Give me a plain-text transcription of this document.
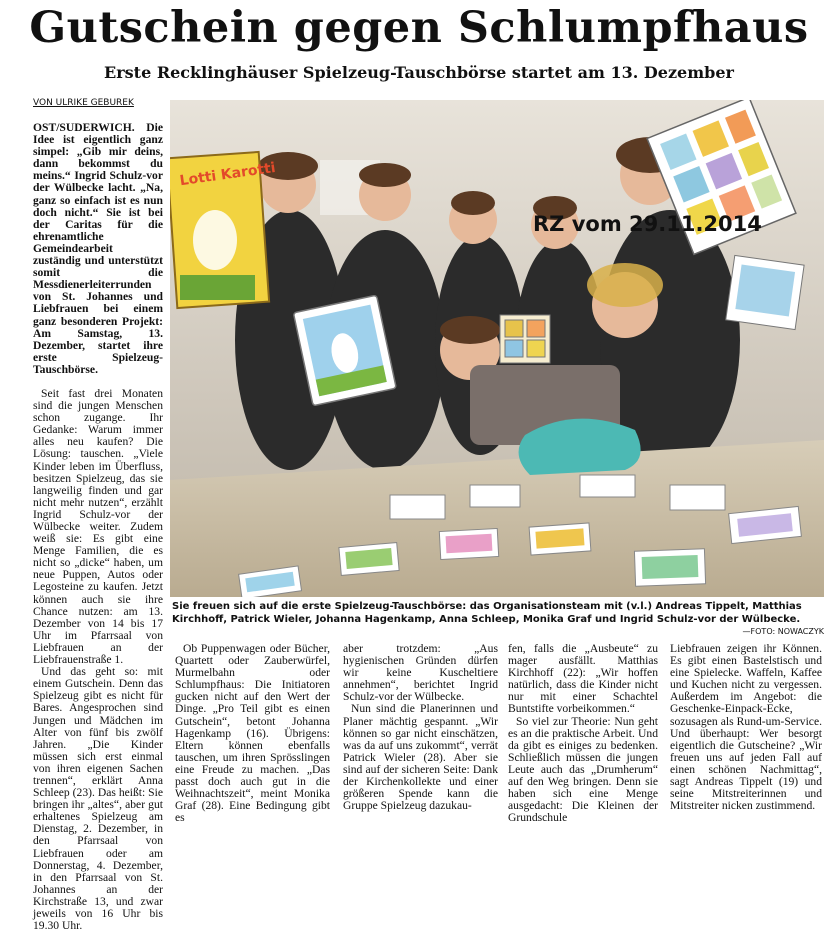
Gutschein gegen Schlumpfhaus
Erste Recklinghäuser Spielzeug-Tauschbörse startet am 13. Dezember
VON ULRIKE GEBUREK

OST/SUDERWICH. Die Idee ist eigentlich ganz simpel: „Gib mir deins, dann bekommst du meins.“ Ingrid Schulz-vor der Wülbecke lacht. „Na, ganz so einfach ist es nun doch nicht.“ Sie ist bei der Caritas für die ehrenamtliche Gemeindearbeit zuständig und unterstützt somit die Messdienerleiterrunden von St. Johannes und Liebfrauen bei einem ganz besonderen Projekt: Am Samstag, 13. Dezember, startet ihre erste Spielzeug-Tauschbörse.

Seit fast drei Monaten sind die jungen Menschen schon zugange. Ihr Gedanke: Warum immer alles neu kaufen? Die Lösung: tauschen. „Viele Kinder leben im Überfluss, besitzen Spielzeug, das sie langweilig finden und gar nicht mehr nutzen“, erzählt Ingrid Schulz-vor der Wülbecke weiter. Zudem weiß sie: Es gibt eine Menge Familien, die es nicht so „dicke“ haben, um neue Puppen, Autos oder Legosteine zu kaufen. Jetzt können auch sie ihre Chance nutzen: am 13. Dezember von 14 bis 17 Uhr im Pfarrsaal von Liebfrauen an der Liebfrauenstraße 1.

Und das geht so: mit einem Gutschein. Denn das Spielzeug gibt es nicht für Bares. Angesprochen sind Jungen und Mädchen im Alter von fünf bis zwölf Jahren. „Die Kinder müssen sich erst einmal von ihren eigenen Sachen trennen“, erklärt Anna Schleep (23). Das heißt: Sie bringen ihr „altes“, aber gut erhaltenes Spielzeug am Dienstag, 2. Dezember, in den Pfarrsaal von Liebfrauen oder am Donnerstag, 4. Dezember, in den Pfarrsaal von St. Johannes an der Kirchstraße 13, und zwar jeweils von 16 Uhr bis 19.30 Uhr.

Lotti Karotti
RZ vom 29.11.2014
Sie freuen sich auf die erste Spielzeug-Tauschbörse: das Organisationsteam mit (v.l.) Andreas Tippelt, Matthias Kirchhoff, Patrick Wieler, Johanna Hagenkamp, Anna Schleep, Monika Graf und Ingrid Schulz-vor der Wülbecke.
—FOTO: NOWACZYK

Ob Puppenwagen oder Bücher, Quartett oder Zauberwürfel, Murmelbahn oder Schlumpfhaus: Die Initiatoren gucken nicht auf den Wert der Dinge. „Pro Teil gibt es einen Gutschein“, betont Johanna Hagenkamp (16). Übrigens: Eltern können ebenfalls tauschen, um ihren Sprösslingen eine Freude zu machen. „Das passt doch auch gut in die Weihnachtszeit“, meint Monika Graf (28). Eine Bedingung gibt es

aber trotzdem: „Aus hygienischen Gründen dürfen wir keine Kuscheltiere annehmen“, berichtet Ingrid Schulz-vor der Wülbecke.

Nun sind die Planerinnen und Planer mächtig gespannt. „Wir können so gar nicht einschätzen, was da auf uns zukommt“, verrät Patrick Wieler (28). Aber sie sind auf der sicheren Seite: Dank der Kirchenkollekte und einer größeren Spende kann die Gruppe Spielzeug dazukau-

fen, falls die „Ausbeute“ zu mager ausfällt. Matthias Kirchhoff (22): „Wir hoffen natürlich, dass die Kinder nicht nur mit einer Schachtel Buntstifte vorbeikommen.“

So viel zur Theorie: Nun geht es an die praktische Arbeit. Und da gibt es einiges zu bedenken. Schließlich müssen die jungen Leute auch das „Drumherum“ auf den Weg bringen. Denn sie haben sich eine Menge ausgedacht: Die Kleinen der Grundschule

Liebfrauen zeigen ihr Können. Es gibt einen Bastelstisch und eine Spielecke. Waffeln, Kaffee und Kuchen nicht zu vergessen. Außerdem im Angebot: die Geschenke-Einpack-Ecke, sozusagen als Rund-um-Service. Und überhaupt: Wer besorgt eigentlich die Gutscheine? „Wir freuen uns auf jeden Fall auf einen schönen Nachmittag“, sagt Andreas Tippelt (19) und seine Mitstreiterinnen und Mitstreiter nicken zustimmend.
